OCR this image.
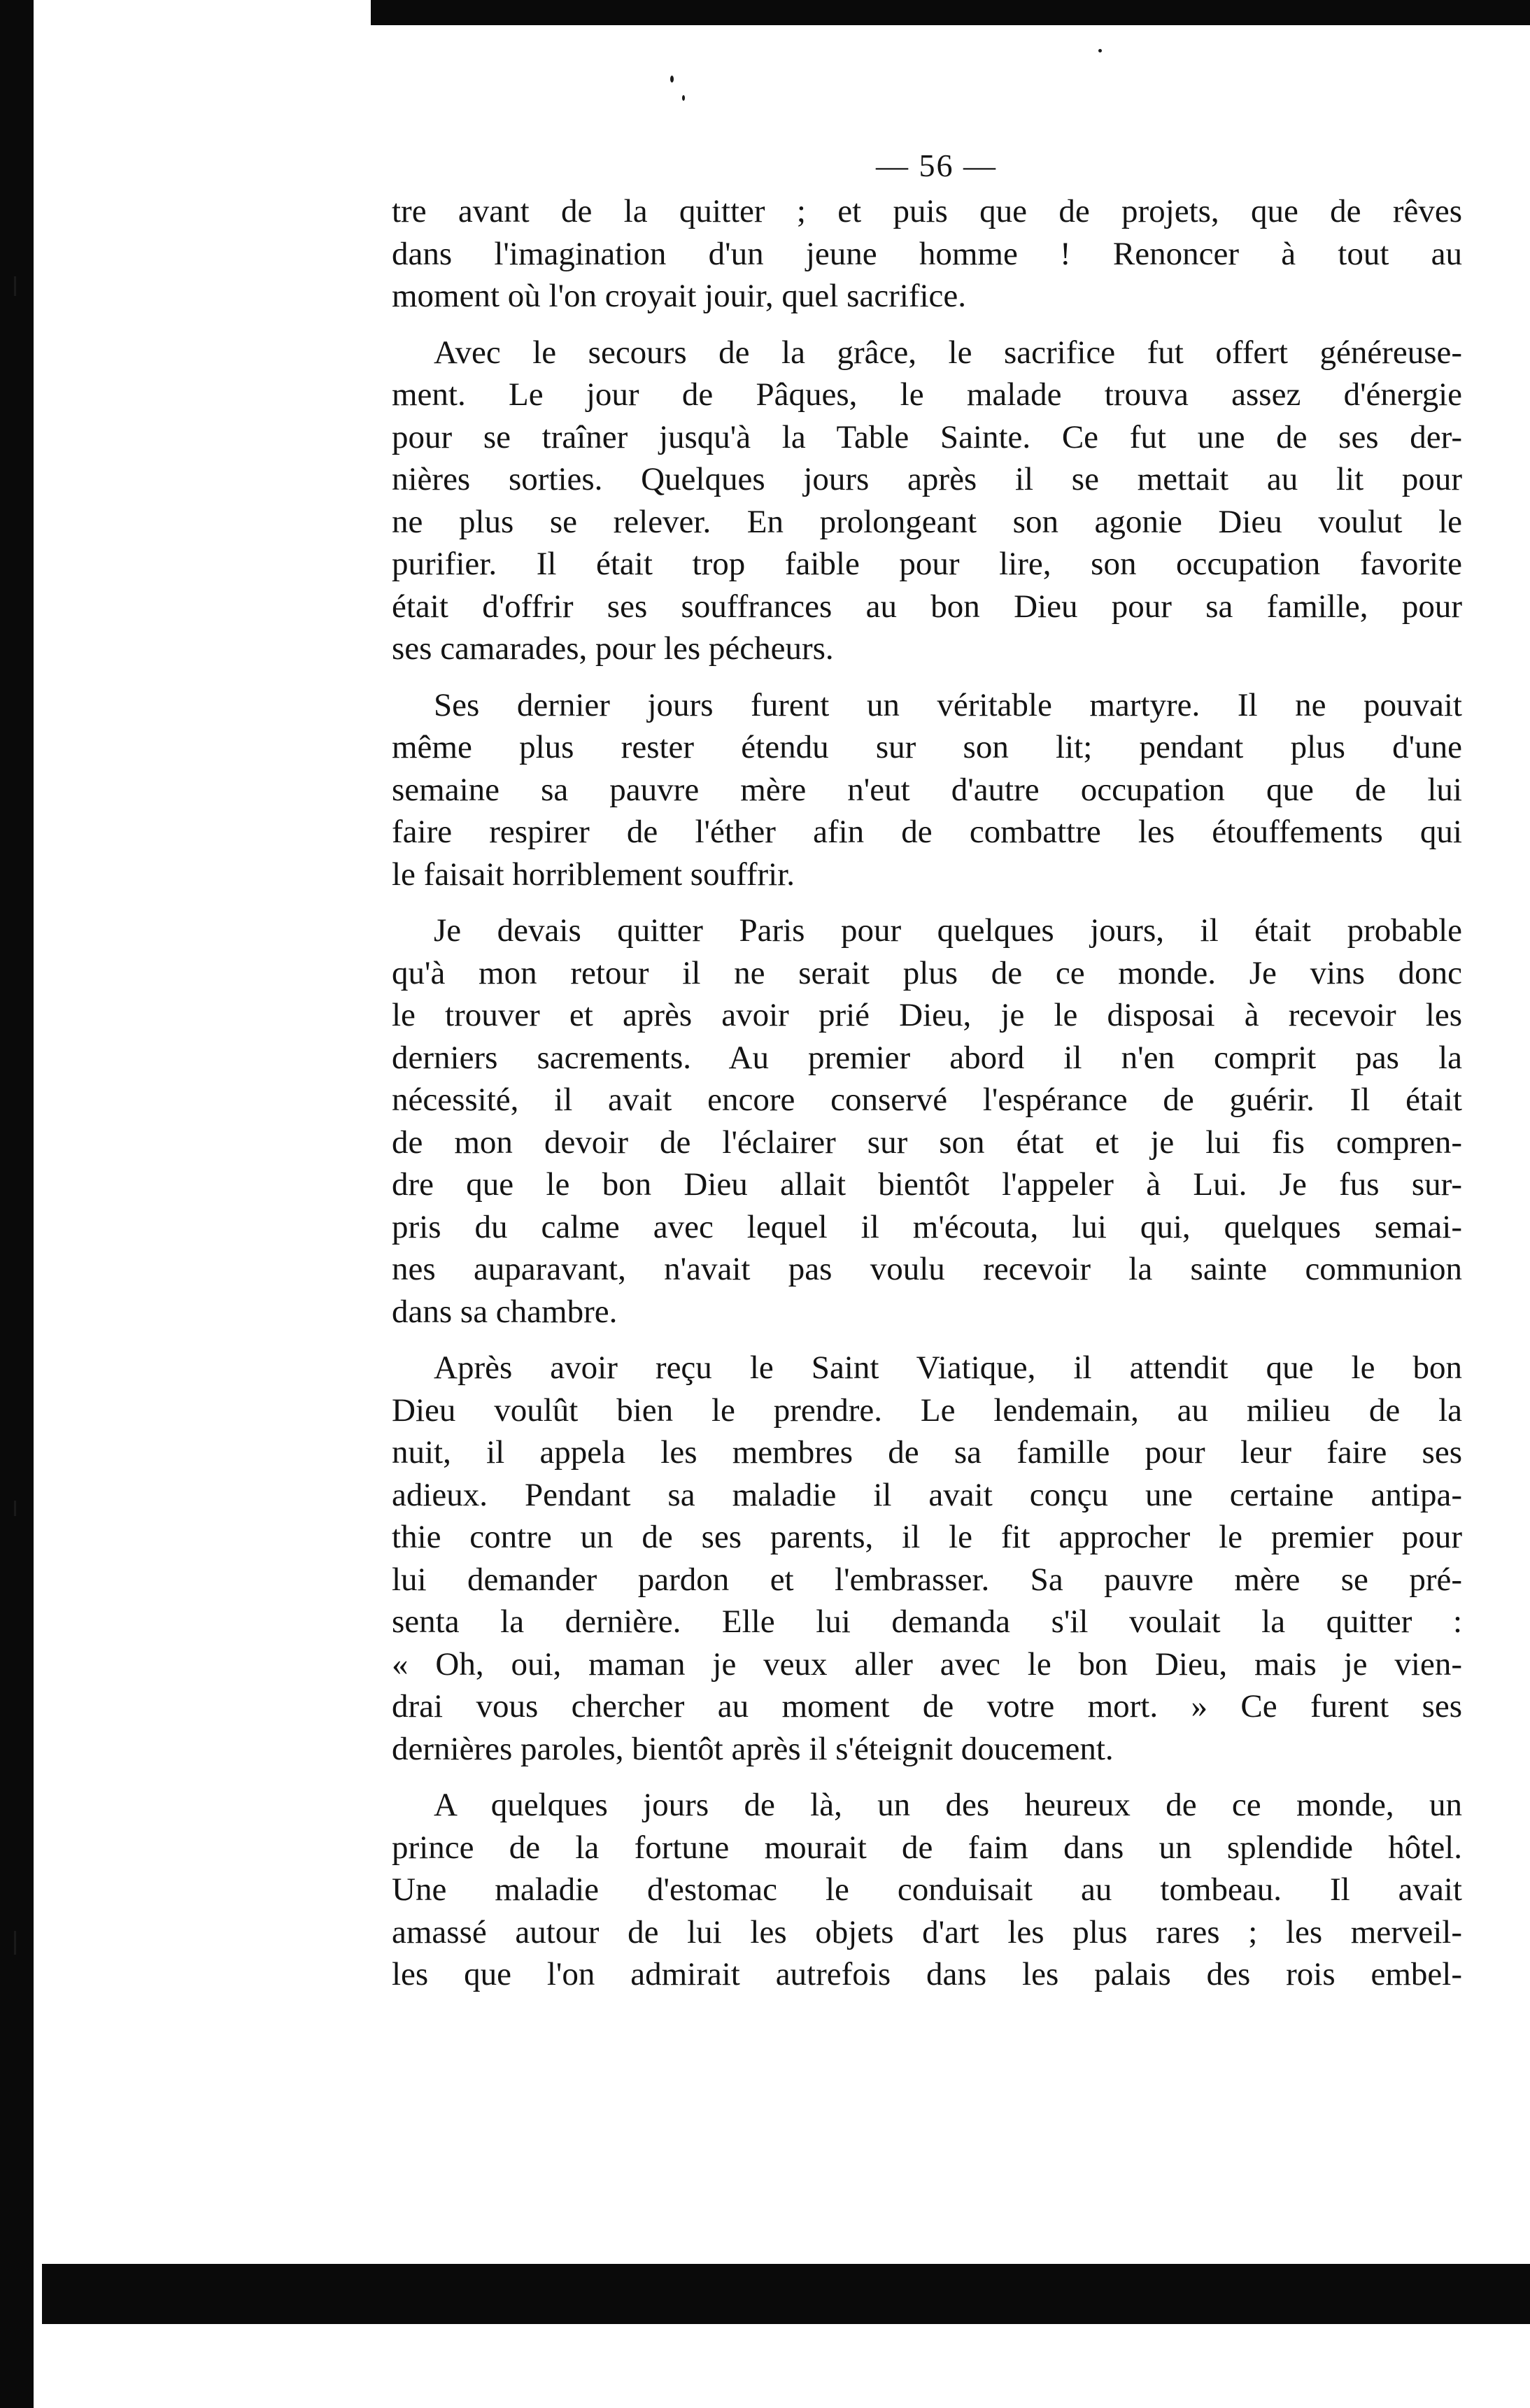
— 56 —
tre avant de la quitter ; et puis que de projets, que de rêves
dans l'imagination d'un jeune homme ! Renoncer à tout au
moment où l'on croyait jouir, quel sacrifice.
Avec le secours de la grâce, le sacrifice fut offert généreuse-
ment. Le jour de Pâques, le malade trouva assez d'énergie
pour se traîner jusqu'à la Table Sainte. Ce fut une de ses der-
nières sorties. Quelques jours après il se mettait au lit pour
ne plus se relever. En prolongeant son agonie Dieu voulut le
purifier. Il était trop faible pour lire, son occupation favorite
était d'offrir ses souffrances au bon Dieu pour sa famille, pour
ses camarades, pour les pécheurs.
Ses dernier jours furent un véritable martyre. Il ne pouvait
même plus rester étendu sur son lit; pendant plus d'une
semaine sa pauvre mère n'eut d'autre occupation que de lui
faire respirer de l'éther afin de combattre les étouffements qui
le faisait horriblement souffrir.
Je devais quitter Paris pour quelques jours, il était probable
qu'à mon retour il ne serait plus de ce monde. Je vins donc
le trouver et après avoir prié Dieu, je le disposai à recevoir les
derniers sacrements. Au premier abord il n'en comprit pas la
nécessité, il avait encore conservé l'espérance de guérir. Il était
de mon devoir de l'éclairer sur son état et je lui fis compren-
dre que le bon Dieu allait bientôt l'appeler à Lui. Je fus sur-
pris du calme avec lequel il m'écouta, lui qui, quelques semai-
nes auparavant, n'avait pas voulu recevoir la sainte communion
dans sa chambre.
Après avoir reçu le Saint Viatique, il attendit que le bon
Dieu voulût bien le prendre. Le lendemain, au milieu de la
nuit, il appela les membres de sa famille pour leur faire ses
adieux. Pendant sa maladie il avait conçu une certaine antipa-
thie contre un de ses parents, il le fit approcher le premier pour
lui demander pardon et l'embrasser. Sa pauvre mère se pré-
senta la dernière. Elle lui demanda s'il voulait la quitter :
« Oh, oui, maman je veux aller avec le bon Dieu, mais je vien-
drai vous chercher au moment de votre mort. » Ce furent ses
dernières paroles, bientôt après il s'éteignit doucement.
A quelques jours de là, un des heureux de ce monde, un
prince de la fortune mourait de faim dans un splendide hôtel.
Une maladie d'estomac le conduisait au tombeau. Il avait
amassé autour de lui les objets d'art les plus rares ; les merveil-
les que l'on admirait autrefois dans les palais des rois embel-
